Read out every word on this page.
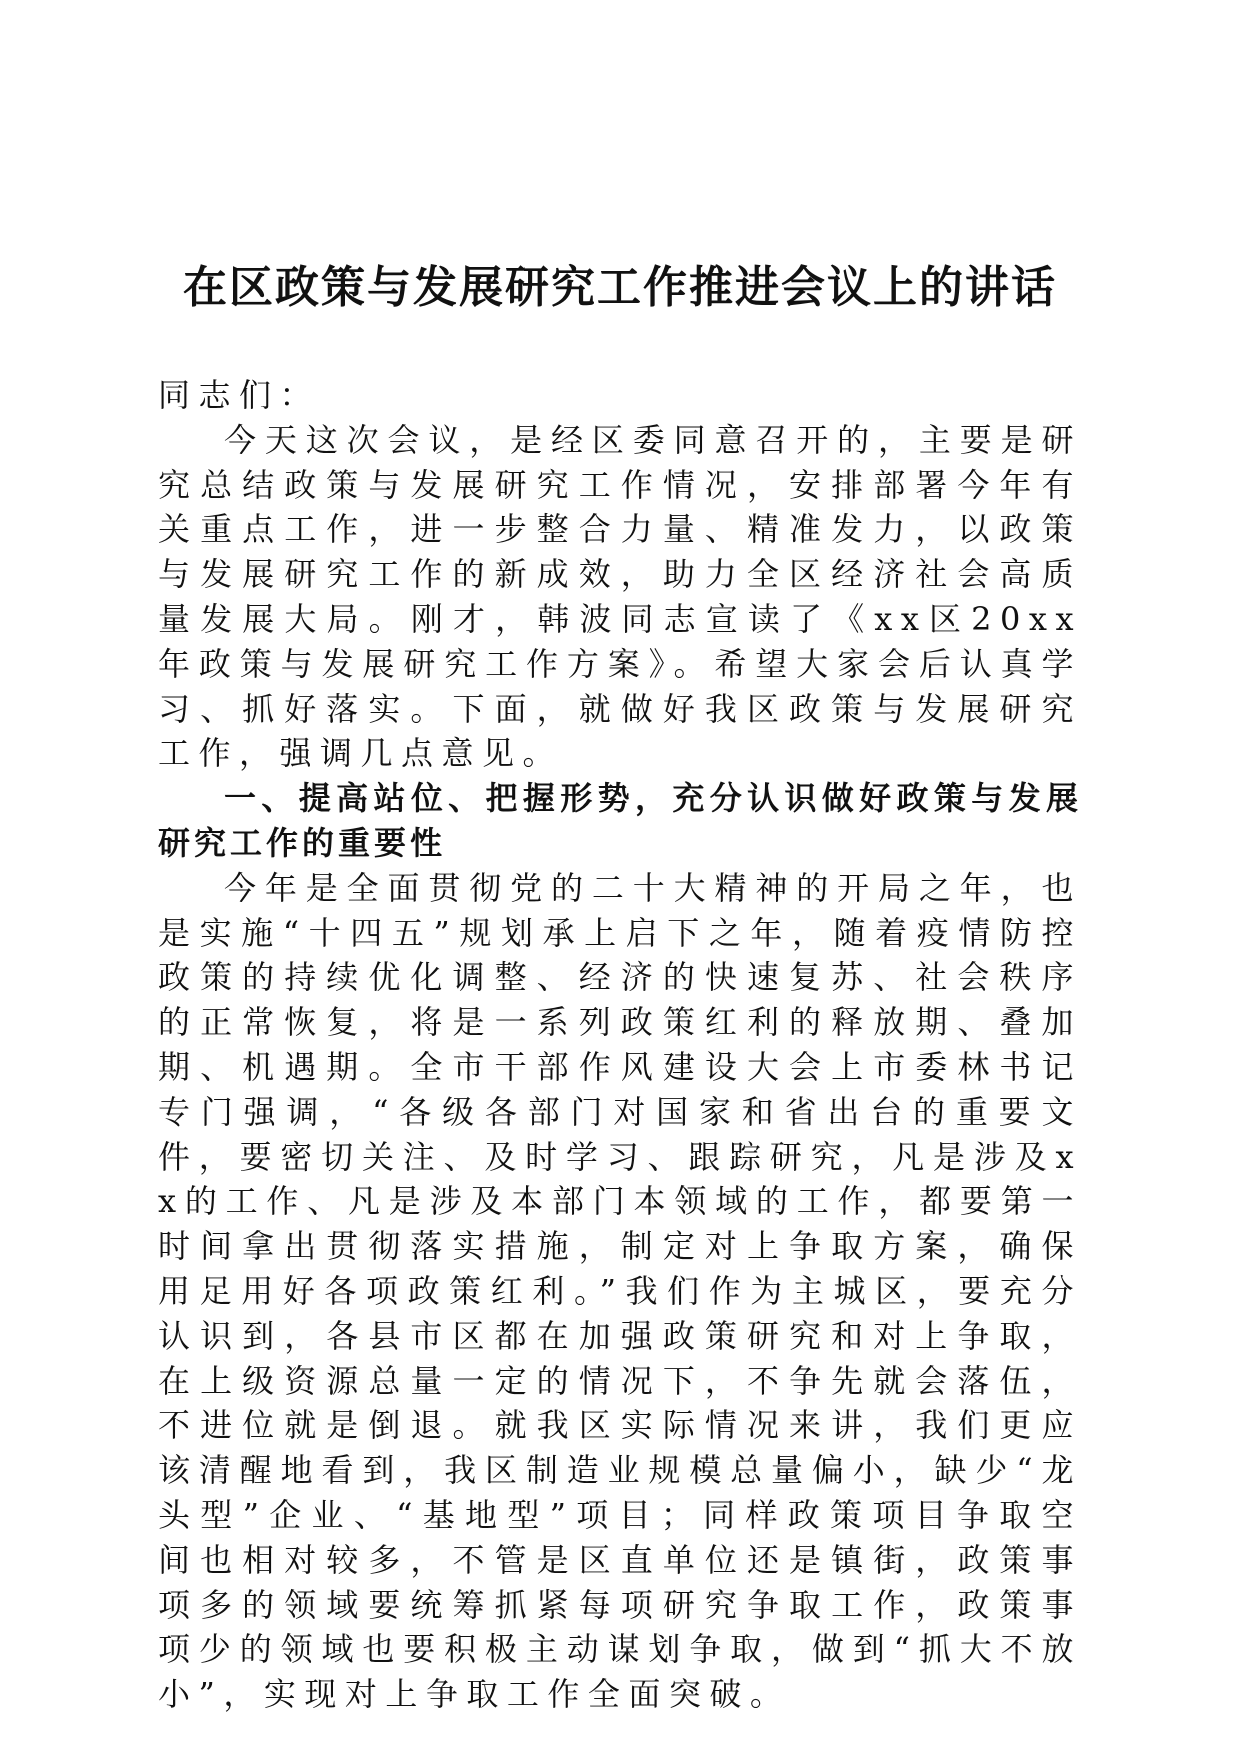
在区政策与发展研究工作推进会议上的讲话

同志们：

今天这次会议，是经区委同意召开的，主要是研究总结政策与发展研究工作情况，安排部署今年有关重点工作，进一步整合力量、精准发力，以政策与发展研究工作的新成效，助力全区经济社会高质量发展大局。刚才，韩波同志宣读了《xx区20xx年政策与发展研究工作方案》。希望大家会后认真学习、抓好落实。下面，就做好我区政策与发展研究工作，强调几点意见。

一、提高站位、把握形势，充分认识做好政策与发展研究工作的重要性

今年是全面贯彻党的二十大精神的开局之年，也是实施“十四五”规划承上启下之年，随着疫情防控政策的持续优化调整、经济的快速复苏、社会秩序的正常恢复，将是一系列政策红利的释放期、叠加期、机遇期。全市干部作风建设大会上市委林书记专门强调，“各级各部门对国家和省出台的重要文件，要密切关注、及时学习、跟踪研究，凡是涉及xx的工作、凡是涉及本部门本领域的工作，都要第一时间拿出贯彻落实措施，制定对上争取方案，确保用足用好各项政策红利。”我们作为主城区，要充分认识到，各县市区都在加强政策研究和对上争取，在上级资源总量一定的情况下，不争先就会落伍，不进位就是倒退。就我区实际情况来讲，我们更应该清醒地看到，我区制造业规模总量偏小，缺少“龙头型”企业、“基地型”项目；同样政策项目争取空间也相对较多，不管是区直单位还是镇街，政策事项多的领域要统筹抓紧每项研究争取工作，政策事项少的领域也要积极主动谋划争取，做到“抓大不放小”，实现对上争取工作全面突破。
